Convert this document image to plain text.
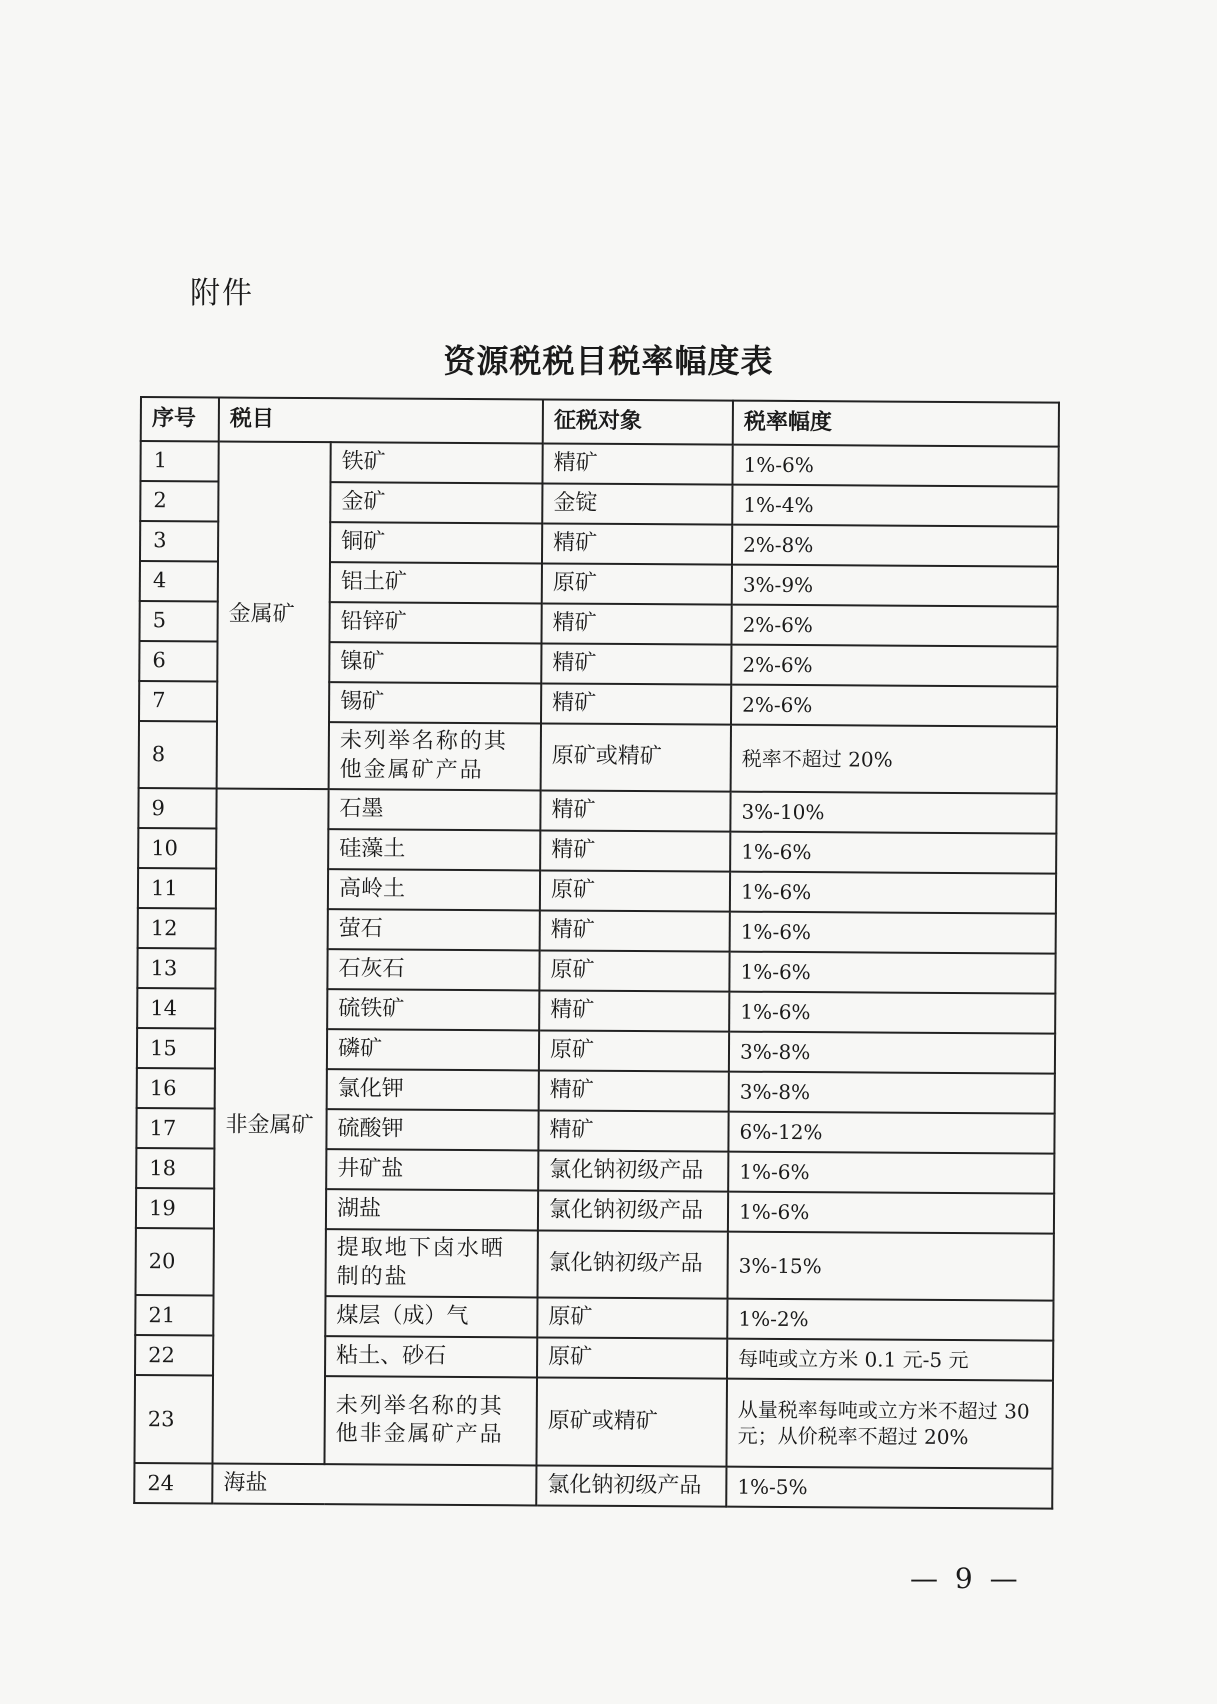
附件
资源税税目税率幅度表
序号	税目		征税对象	税率幅度
1	金属矿	铁矿	精矿	1%-6%
2		金矿	金锭	1%-4%
3		铜矿	精矿	2%-8%
4		铝土矿	原矿	3%-9%
5		铅锌矿	精矿	2%-6%
6		镍矿	精矿	2%-6%
7		锡矿	精矿	2%-6%
8		未列举名称的其他金属矿产品	原矿或精矿	税率不超过 20%
9	非金属矿	石墨	精矿	3%-10%
10		硅藻土	精矿	1%-6%
11		高岭土	原矿	1%-6%
12		萤石	精矿	1%-6%
13		石灰石	原矿	1%-6%
14		硫铁矿	精矿	1%-6%
15		磷矿	原矿	3%-8%
16		氯化钾	精矿	3%-8%
17		硫酸钾	精矿	6%-12%
18		井矿盐	氯化钠初级产品	1%-6%
19		湖盐	氯化钠初级产品	1%-6%
20		提取地下卤水晒制的盐	氯化钠初级产品	3%-15%
21		煤层（成）气	原矿	1%-2%
22		粘土、砂石	原矿	每吨或立方米 0.1 元-5 元
23		未列举名称的其他非金属矿产品	原矿或精矿	从量税率每吨或立方米不超过 30 元；从价税率不超过 20%
24	海盐		氯化钠初级产品	1%-5%
— 9 —
